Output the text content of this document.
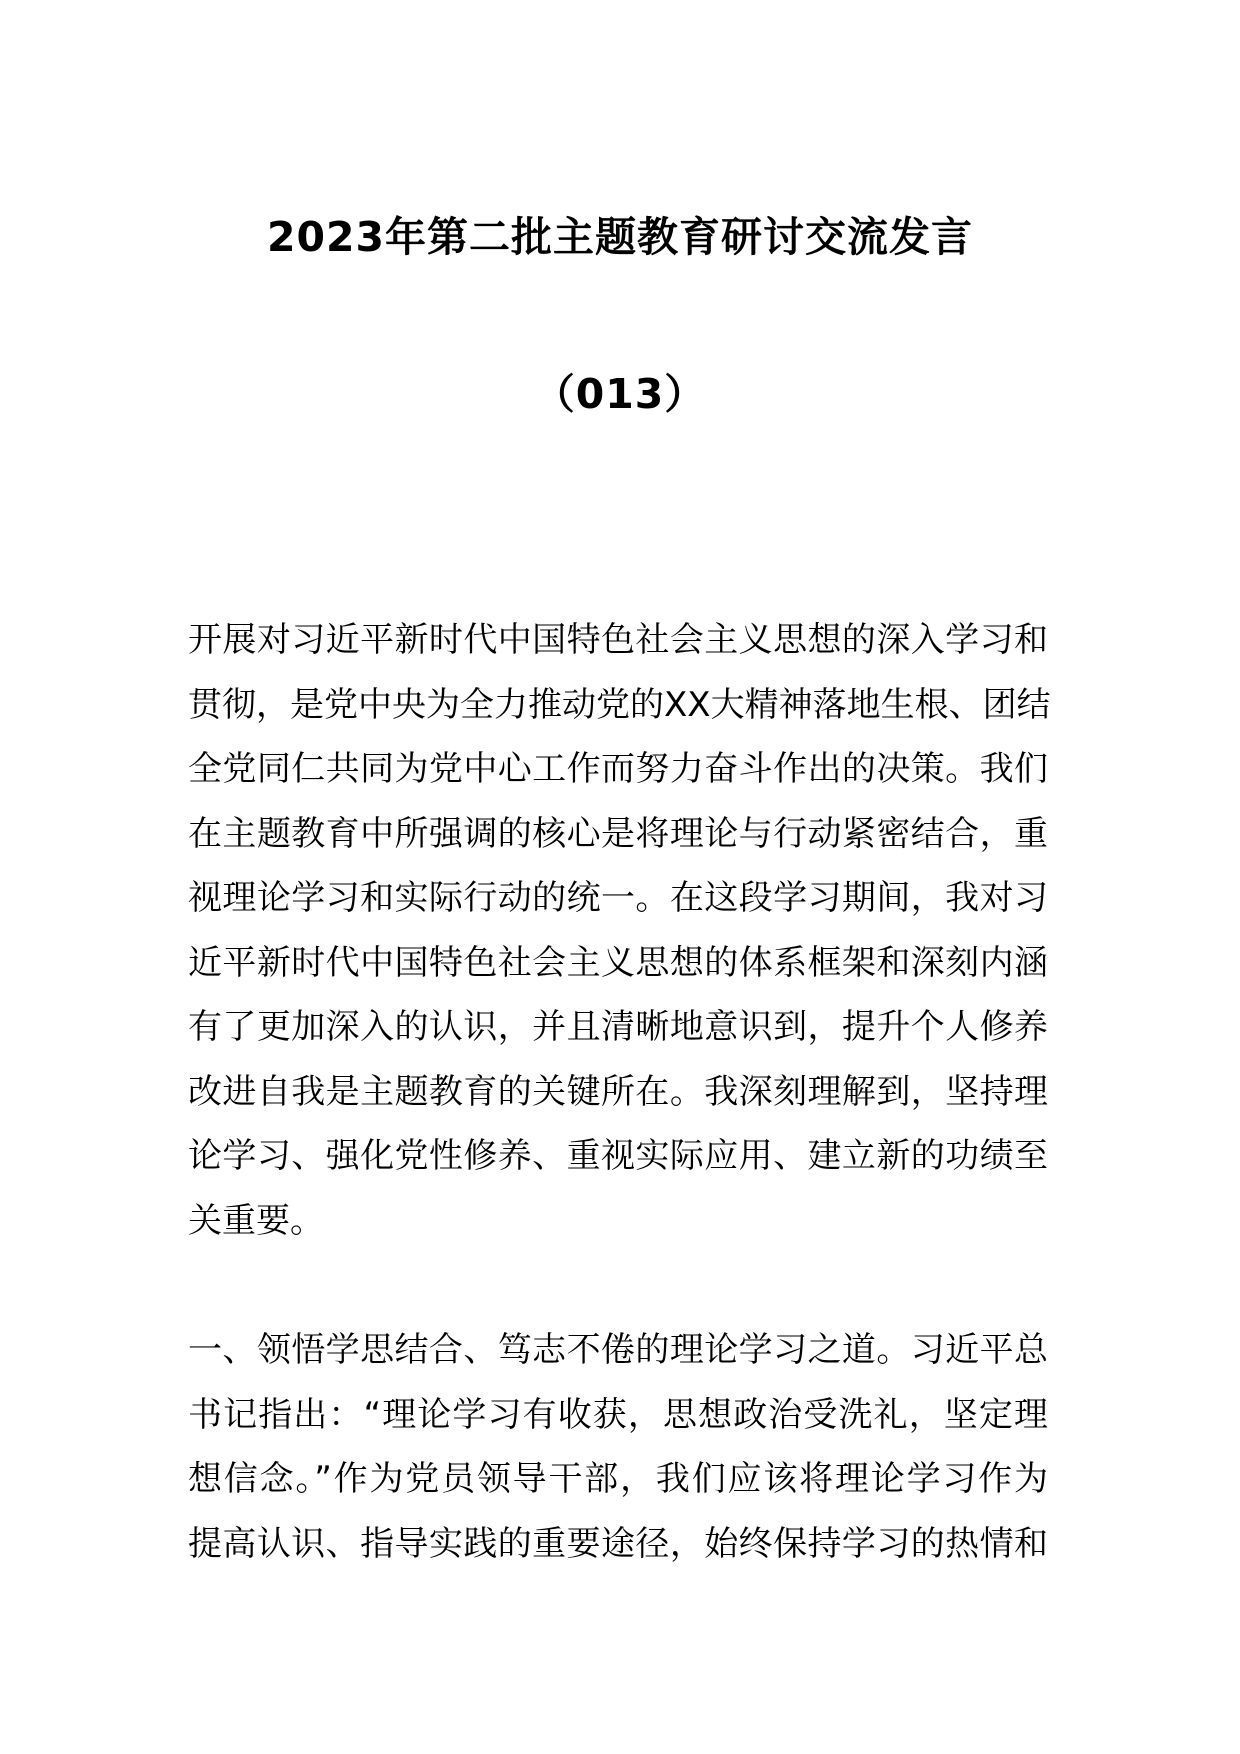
2023年第二批主题教育研讨交流发言
（013）
开展对习近平新时代中国特色社会主义思想的深入学习和
贯彻，是党中央为全力推动党的XX大精神落地生根、团结
全党同仁共同为党中心工作而努力奋斗作出的决策。我们
在主题教育中所强调的核心是将理论与行动紧密结合，重
视理论学习和实际行动的统一。在这段学习期间，我对习
近平新时代中国特色社会主义思想的体系框架和深刻内涵
有了更加深入的认识，并且清晰地意识到，提升个人修养
改进自我是主题教育的关键所在。我深刻理解到，坚持理
论学习、强化党性修养、重视实际应用、建立新的功绩至
关重要。
一、领悟学思结合、笃志不倦的理论学习之道。习近平总
书记指出：“理论学习有收获，思想政治受洗礼，坚定理
想信念。”作为党员领导干部，我们应该将理论学习作为
提高认识、指导实践的重要途径，始终保持学习的热情和
